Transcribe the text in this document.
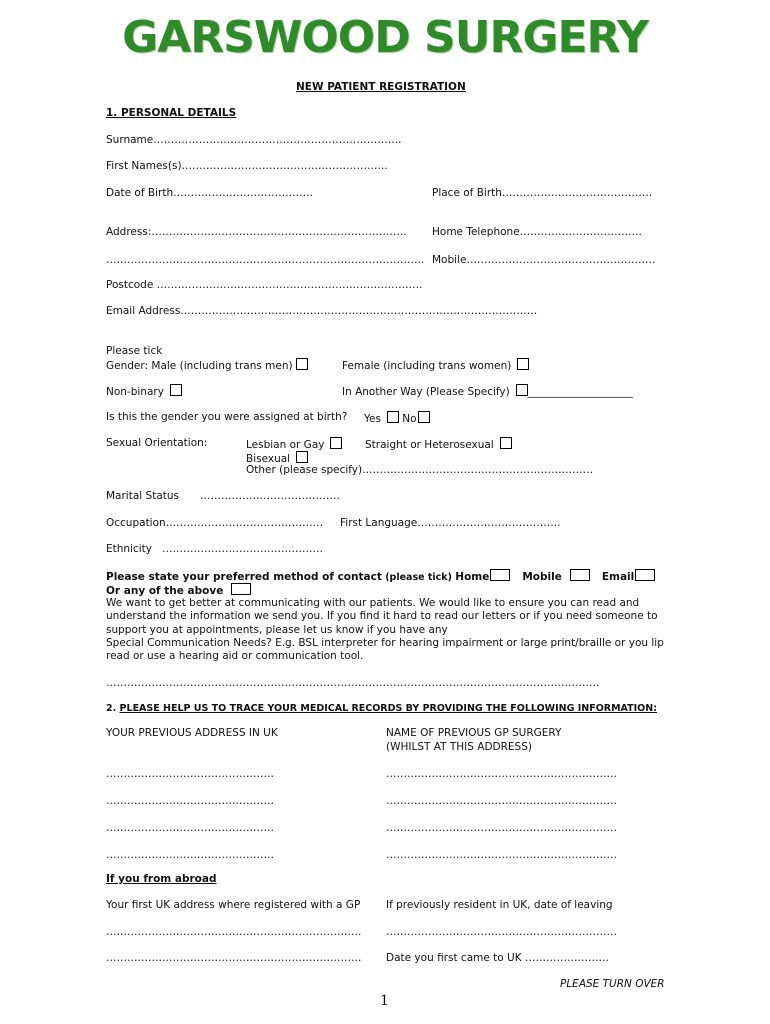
GARSWOOD SURGERY
NEW PATIENT REGISTRATION
1. PERSONAL DETAILS
Surname……………………………………………………………..
First Names(s)…………………………………………………..
Date of Birth………………………………….	Place of Birth…………………………………….
Address:………………………………………………………………. Home Telephone……………………………..
………………………………………………………………………………. Mobile………………………………………………
Postcode ………………………………………………………………….
Email Address…………………………………………………………………………………………
Please tick
Gender: Male (including trans men)	Female (including trans women)
Non-binary	In Another Way (Please Specify) ____________________
Is this the gender you were assigned at birth? Yes No
Sexual Orientation:	Lesbian or Gay	Straight or Heterosexual
Bisexual
Other (please specify)…………………………………………………………
Marital Status ………………………………….
Occupation……………………………………… First Language…………………………………..
Ethnicity ……………………………………….
Please state your preferred method of contact (please tick) Home	Mobile	Email
Or any of the above
We want to get better at communicating with our patients. We would like to ensure you can read and understand the information we send you. If you find it hard to read our letters or if you need someone to support you at appointments, please let us know if you have any
Special Communication Needs? E.g. BSL interpreter for hearing impairment or large print/braille or you lip read or use a hearing aid or communication tool.
……………………………………………………………………………………………………………………………
2. PLEASE HELP US TO TRACE YOUR MEDICAL RECORDS BY PROVIDING THE FOLLOWING INFORMATION:
YOUR PREVIOUS ADDRESS IN UK	NAME OF PREVIOUS GP SURGERY
(WHILST AT THIS ADDRESS)
…………………………………………	…………………………………………………………
…………………………………………	…………………………………………………………
…………………………………………	…………………………………………………………
…………………………………………	…………………………………………………………
If you from abroad
Your first UK address where registered with a GP If previously resident in UK, date of leaving
………………………………………………………………. …………………………………………………………
………………………………………………………………. Date you first came to UK ……………………
PLEASE TURN OVER
1
